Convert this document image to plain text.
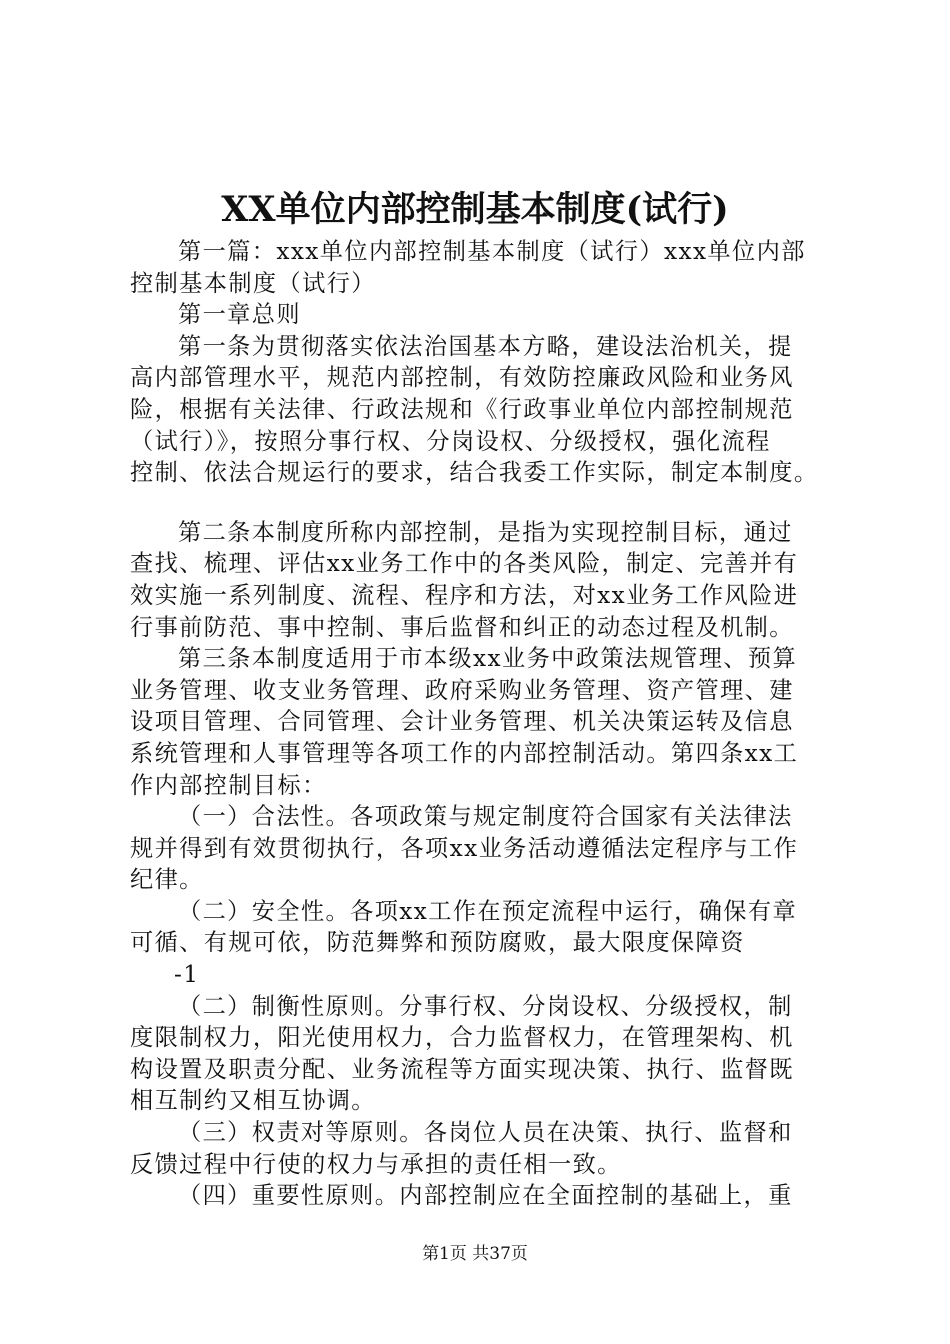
XX单位内部控制基本制度(试行)
第一篇：xxx单位内部控制基本制度（试行）xxx单位内部
控制基本制度（试行）
第一章总则
第一条为贯彻落实依法治国基本方略，建设法治机关，提
高内部管理水平，规范内部控制，有效防控廉政风险和业务风
险，根据有关法律、行政法规和《行政事业单位内部控制规范
（试行）》，按照分事行权、分岗设权、分级授权，强化流程
控制、依法合规运行的要求，结合我委工作实际，制定本制度。
第二条本制度所称内部控制，是指为实现控制目标，通过
查找、梳理、评估xx业务工作中的各类风险，制定、完善并有
效实施一系列制度、流程、程序和方法，对xx业务工作风险进
行事前防范、事中控制、事后监督和纠正的动态过程及机制。
第三条本制度适用于市本级xx业务中政策法规管理、预算
业务管理、收支业务管理、政府采购业务管理、资产管理、建
设项目管理、合同管理、会计业务管理、机关决策运转及信息
系统管理和人事管理等各项工作的内部控制活动。第四条xx工
作内部控制目标：
（一）合法性。各项政策与规定制度符合国家有关法律法
规并得到有效贯彻执行，各项xx业务活动遵循法定程序与工作
纪律。
（二）安全性。各项xx工作在预定流程中运行，确保有章
可循、有规可依，防范舞弊和预防腐败，最大限度保障资
-1
（二）制衡性原则。分事行权、分岗设权、分级授权，制
度限制权力，阳光使用权力，合力监督权力，在管理架构、机
构设置及职责分配、业务流程等方面实现决策、执行、监督既
相互制约又相互协调。
（三）权责对等原则。各岗位人员在决策、执行、监督和
反馈过程中行使的权力与承担的责任相一致。
（四）重要性原则。内部控制应在全面控制的基础上，重
第1页 共37页
